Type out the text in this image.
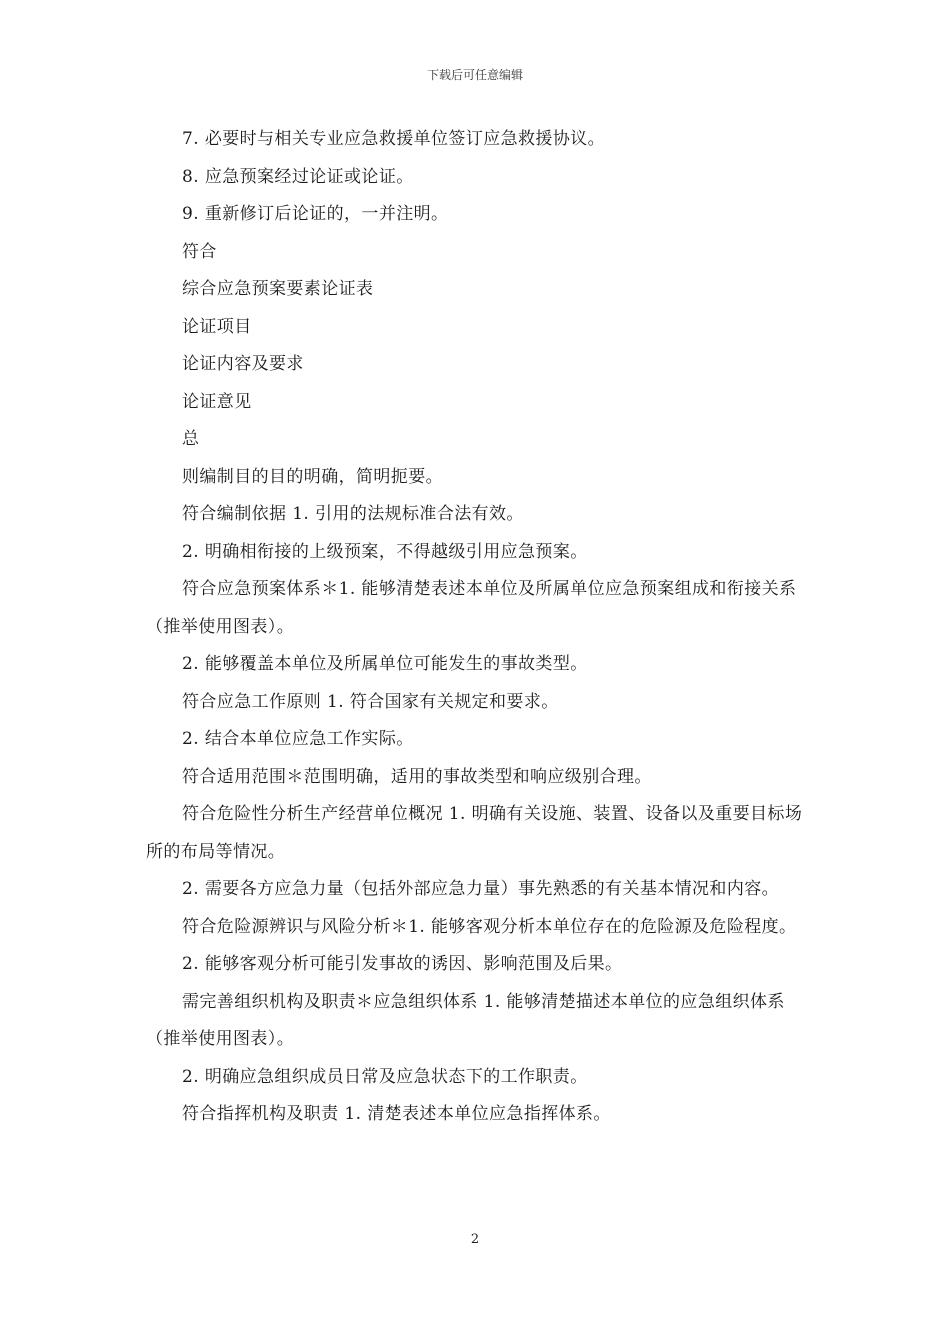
下载后可任意编辑

7. 必要时与相关专业应急救援单位签订应急救援协议。

8. 应急预案经过论证或论证。

9. 重新修订后论证的，一并注明。

符合

综合应急预案要素论证表

论证项目

论证内容及要求

论证意见

总

则编制目的目的明确，简明扼要。

符合编制依据 1. 引用的法规标准合法有效。

2. 明确相衔接的上级预案，不得越级引用应急预案。

符合应急预案体系＊1. 能够清楚表述本单位及所属单位应急预案组成和衔接关系（推举使用图表）。

2. 能够覆盖本单位及所属单位可能发生的事故类型。

符合应急工作原则 1. 符合国家有关规定和要求。

2. 结合本单位应急工作实际。

符合适用范围＊范围明确，适用的事故类型和响应级别合理。

符合危险性分析生产经营单位概况 1. 明确有关设施、装置、设备以及重要目标场所的布局等情况。

2. 需要各方应急力量（包括外部应急力量）事先熟悉的有关基本情况和内容。

符合危险源辨识与风险分析＊1. 能够客观分析本单位存在的危险源及危险程度。

2. 能够客观分析可能引发事故的诱因、影响范围及后果。

需完善组织机构及职责＊应急组织体系 1. 能够清楚描述本单位的应急组织体系（推举使用图表）。

2. 明确应急组织成员日常及应急状态下的工作职责。

符合指挥机构及职责 1. 清楚表述本单位应急指挥体系。

2
